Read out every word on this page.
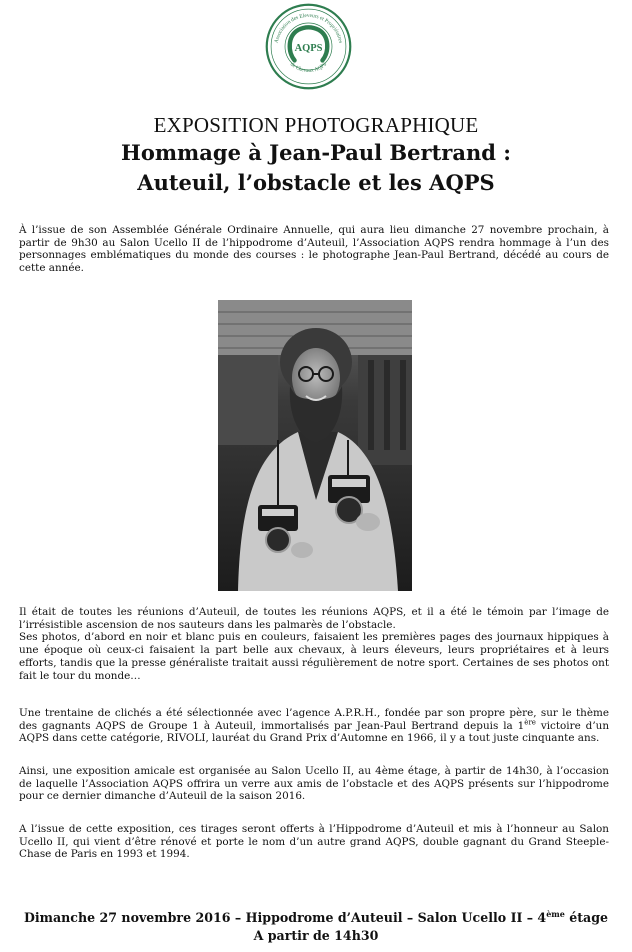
Association des Eleveurs et Propriétaires
de Chevaux AQPS
AQPS
EXPOSITION PHOTOGRAPHIQUE
Hommage à Jean-Paul Bertrand :
Auteuil, l’obstacle et les AQPS
À l’issue de son Assemblée Générale Ordinaire Annuelle, qui aura lieu dimanche 27 novembre prochain, à partir de 9h30 au Salon Ucello II de l’hippodrome d’Auteuil, l’Association AQPS rendra hommage à l’un des personnages emblématiques du monde des courses : le photographe Jean-Paul Bertrand, décédé au cours de cette année.
Il était de toutes les réunions d’Auteuil, de toutes les réunions AQPS, et il a été le témoin par l’image de l’irrésistible ascension de nos sauteurs dans les palmarès de l’obstacle.
Ses photos, d’abord en noir et blanc puis en couleurs, faisaient les premières pages des journaux hippiques à une époque où ceux-ci faisaient la part belle aux chevaux, à leurs éleveurs, leurs propriétaires et à leurs efforts, tandis que la presse généraliste traitait aussi régulièrement de notre sport. Certaines de ses photos ont fait le tour du monde…
Une trentaine de clichés a été sélectionnée avec l’agence A.P.R.H., fondée par son propre père, sur le thème des gagnants AQPS de Groupe 1 à Auteuil, immortalisés par Jean-Paul Bertrand depuis la 1ère victoire d’un AQPS dans cette catégorie, RIVOLI, lauréat du Grand Prix d’Automne en 1966, il y a tout juste cinquante ans.
Ainsi, une exposition amicale est organisée au Salon Ucello II, au 4ème étage, à partir de 14h30, à l’occasion de laquelle l’Association AQPS offrira un verre aux amis de l’obstacle et des AQPS présents sur l’hippodrome pour ce dernier dimanche d’Auteuil de la saison 2016.
A l’issue de cette exposition, ces tirages seront offerts à l’Hippodrome d’Auteuil et mis à l’honneur au Salon Ucello II, qui vient d’être rénové et porte le nom d’un autre grand AQPS, double gagnant du Grand Steeple-Chase de Paris en 1993 et 1994.
Dimanche 27 novembre 2016 – Hippodrome d’Auteuil – Salon Ucello II – 4ème étage
A partir de 14h30
